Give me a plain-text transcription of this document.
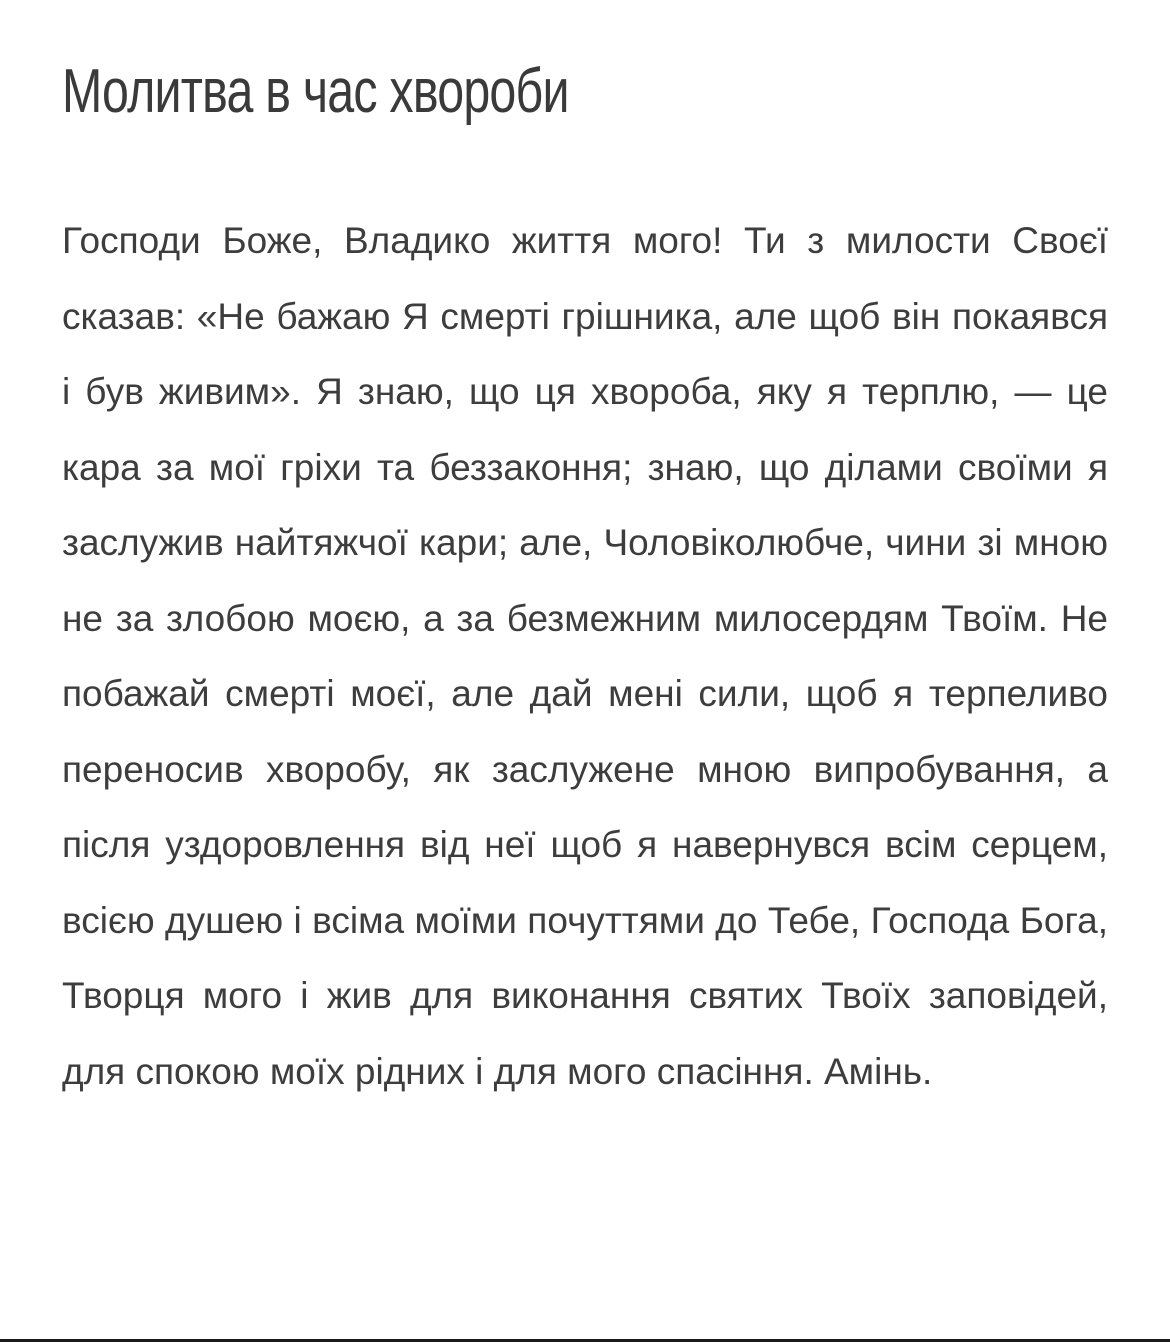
Молитва в час хвороби

Господи Боже, Владико життя мого! Ти з милости Своєї сказав: «Не бажаю Я смерті грішника, але щоб він покаявся і був живим». Я знаю, що ця хвороба, яку я терплю, — це кара за мої гріхи та беззаконня; знаю, що ділами своїми я заслужив найтяжчої кари; але, Чоловіколюбче, чини зі мною не за злобою моєю, а за безмежним милосердям Твоїм. Не побажай смерті моєї, але дай мені сили, щоб я терпеливо переносив хворобу, як заслужене мною випробування, а після уздоровлення від неї щоб я навернувся всім серцем, всією душею і всіма моїми почуттями до Тебе, Господа Бога, Творця мого і жив для виконання святих Твоїх заповідей, для спокою моїх рідних і для мого спасіння. Амінь.
